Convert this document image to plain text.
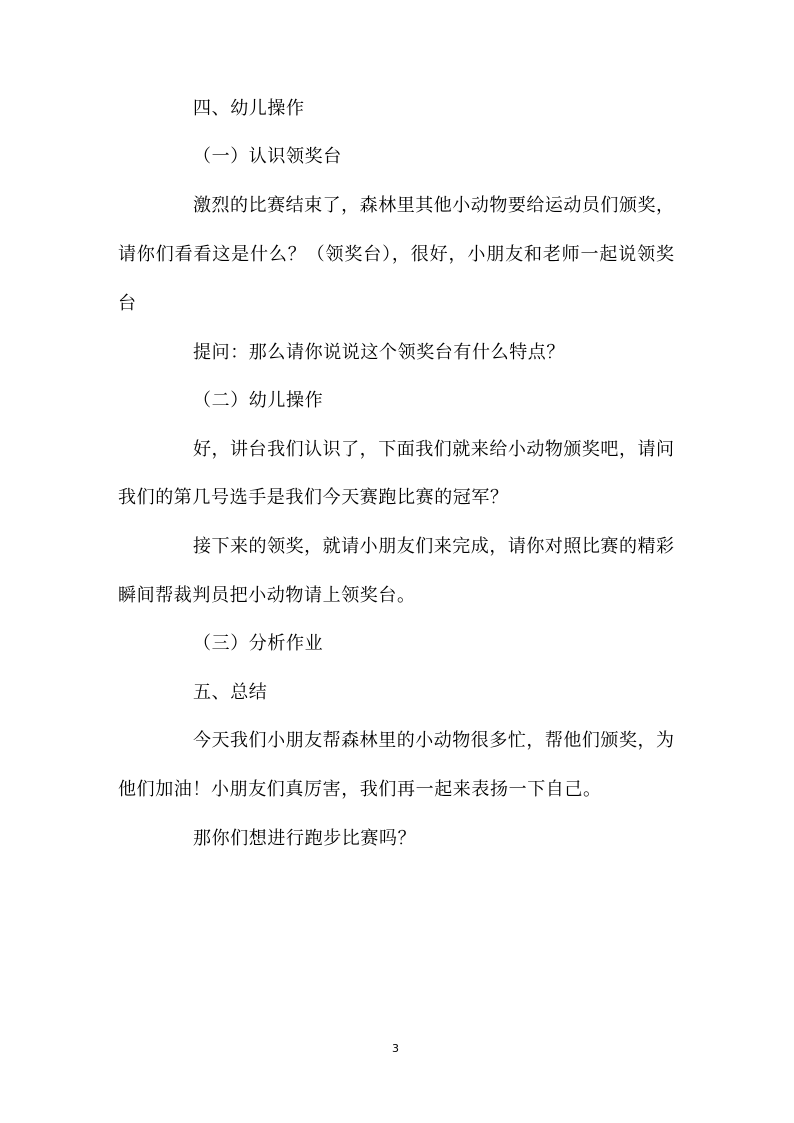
四、幼儿操作
（一）认识领奖台
激烈的比赛结束了，森林里其他小动物要给运动员们颁奖，
请你们看看这是什么？（领奖台），很好，小朋友和老师一起说领奖
台
提问：那么请你说说这个领奖台有什么特点？
（二）幼儿操作
好，讲台我们认识了，下面我们就来给小动物颁奖吧，请问
我们的第几号选手是我们今天赛跑比赛的冠军？
接下来的领奖，就请小朋友们来完成，请你对照比赛的精彩
瞬间帮裁判员把小动物请上领奖台。
（三）分析作业
五、总结
今天我们小朋友帮森林里的小动物很多忙，帮他们颁奖，为
他们加油！小朋友们真厉害，我们再一起来表扬一下自己。
那你们想进行跑步比赛吗？
3
